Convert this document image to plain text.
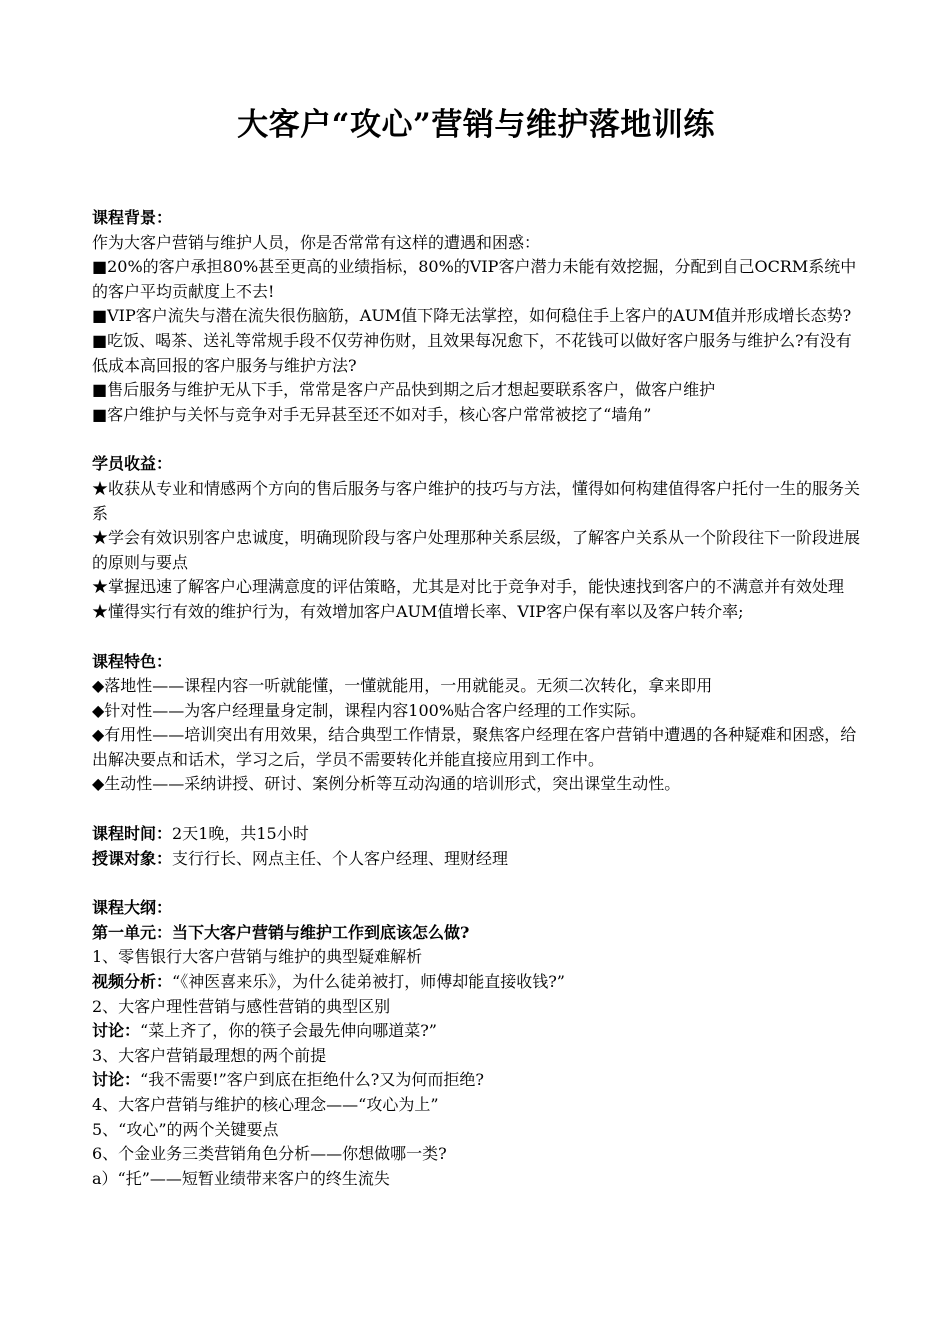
大客户“攻心”营销与维护落地训练
课程背景：
作为大客户营销与维护人员，你是否常常有这样的遭遇和困惑：
■20%的客户承担80%甚至更高的业绩指标，80%的VIP客户潜力未能有效挖掘，分配到自己OCRM系统中的客户平均贡献度上不去!
■VIP客户流失与潜在流失很伤脑筋，AUM值下降无法掌控，如何稳住手上客户的AUM值并形成增长态势?
■吃饭、喝茶、送礼等常规手段不仅劳神伤财，且效果每况愈下，不花钱可以做好客户服务与维护么?有没有低成本高回报的客户服务与维护方法?
■售后服务与维护无从下手，常常是客户产品快到期之后才想起要联系客户，做客户维护
■客户维护与关怀与竞争对手无异甚至还不如对手，核心客户常常被挖了“墙角”
学员收益：
★收获从专业和情感两个方向的售后服务与客户维护的技巧与方法，懂得如何构建值得客户托付一生的服务关系
★学会有效识别客户忠诚度，明确现阶段与客户处理那种关系层级，了解客户关系从一个阶段往下一阶段进展的原则与要点
★掌握迅速了解客户心理满意度的评估策略，尤其是对比于竞争对手，能快速找到客户的不满意并有效处理
★懂得实行有效的维护行为，有效增加客户AUM值增长率、VIP客户保有率以及客户转介率;
课程特色：
◆落地性——课程内容一听就能懂，一懂就能用，一用就能灵。无须二次转化，拿来即用
◆针对性——为客户经理量身定制，课程内容100%贴合客户经理的工作实际。
◆有用性——培训突出有用效果，结合典型工作情景，聚焦客户经理在客户营销中遭遇的各种疑难和困惑，给出解决要点和话术，学习之后，学员不需要转化并能直接应用到工作中。
◆生动性——采纳讲授、研讨、案例分析等互动沟通的培训形式，突出课堂生动性。
课程时间：2天1晚，共15小时
授课对象：支行行长、网点主任、个人客户经理、理财经理
课程大纲：
第一单元：当下大客户营销与维护工作到底该怎么做?
1、零售银行大客户营销与维护的典型疑难解析
视频分析：“《神医喜来乐》，为什么徒弟被打，师傅却能直接收钱?”
2、大客户理性营销与感性营销的典型区别
讨论：“菜上齐了，你的筷子会最先伸向哪道菜?”
3、大客户营销最理想的两个前提
讨论：“我不需要!”客户到底在拒绝什么?又为何而拒绝?
4、大客户营销与维护的核心理念——“攻心为上”
5、“攻心”的两个关键要点
6、个金业务三类营销角色分析——你想做哪一类?
a）“托”——短暂业绩带来客户的终生流失
